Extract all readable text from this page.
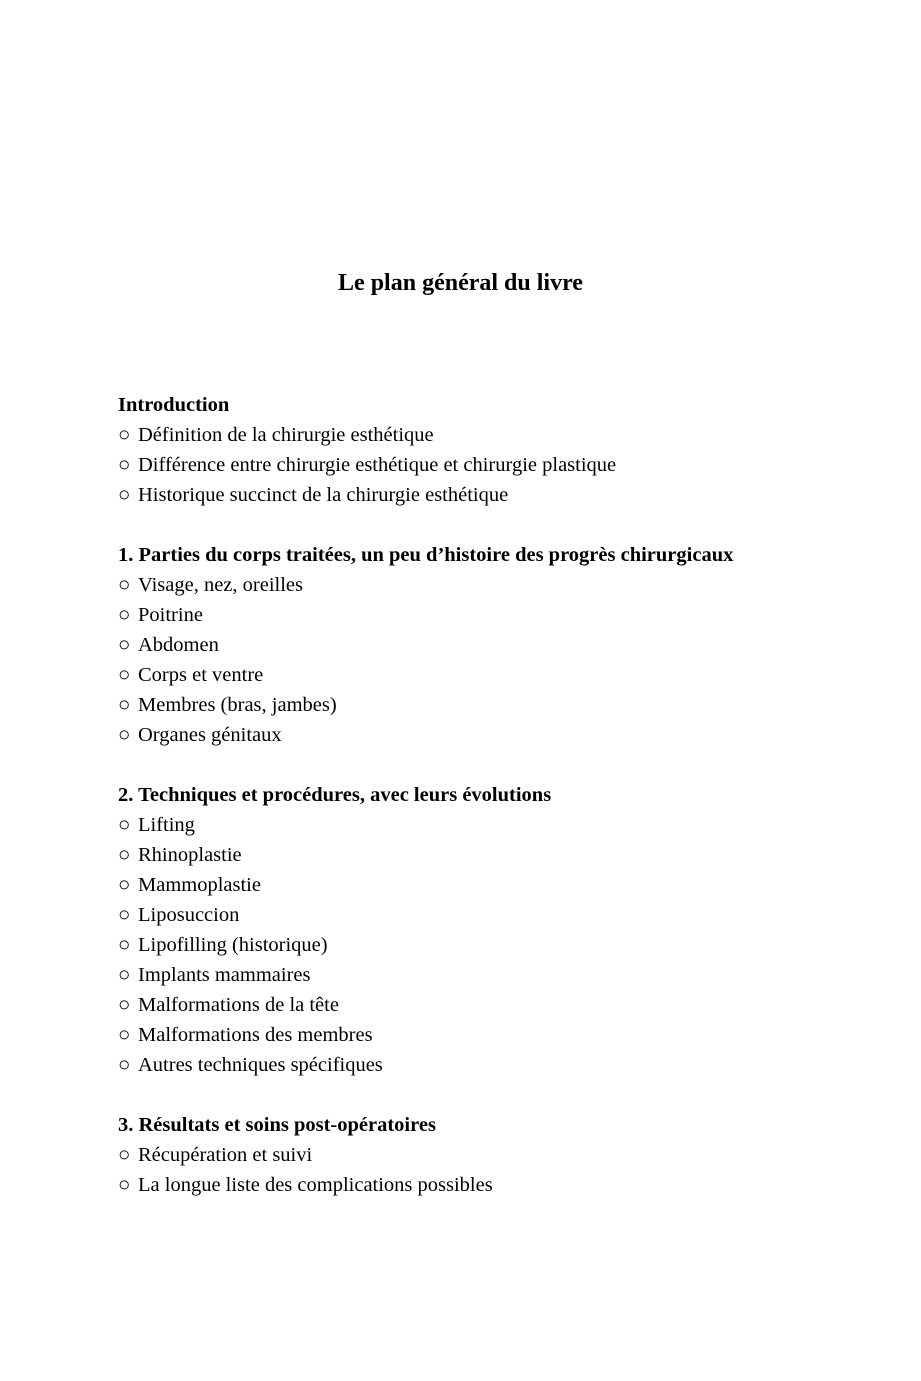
Le plan général du livre
Introduction
○ Définition de la chirurgie esthétique
○ Différence entre chirurgie esthétique et chirurgie plastique
○ Historique succinct de la chirurgie esthétique
1. Parties du corps traitées, un peu d’histoire des progrès chirurgicaux
○ Visage, nez, oreilles
○ Poitrine
○ Abdomen
○ Corps et ventre
○ Membres (bras, jambes)
○ Organes génitaux
2. Techniques et procédures, avec leurs évolutions
○ Lifting
○ Rhinoplastie
○ Mammoplastie
○ Liposuccion
○ Lipofilling (historique)
○ Implants mammaires
○ Malformations de la tête
○ Malformations des membres
○ Autres techniques spécifiques
3. Résultats et soins post-opératoires
○ Récupération et suivi
○ La longue liste des complications possibles
